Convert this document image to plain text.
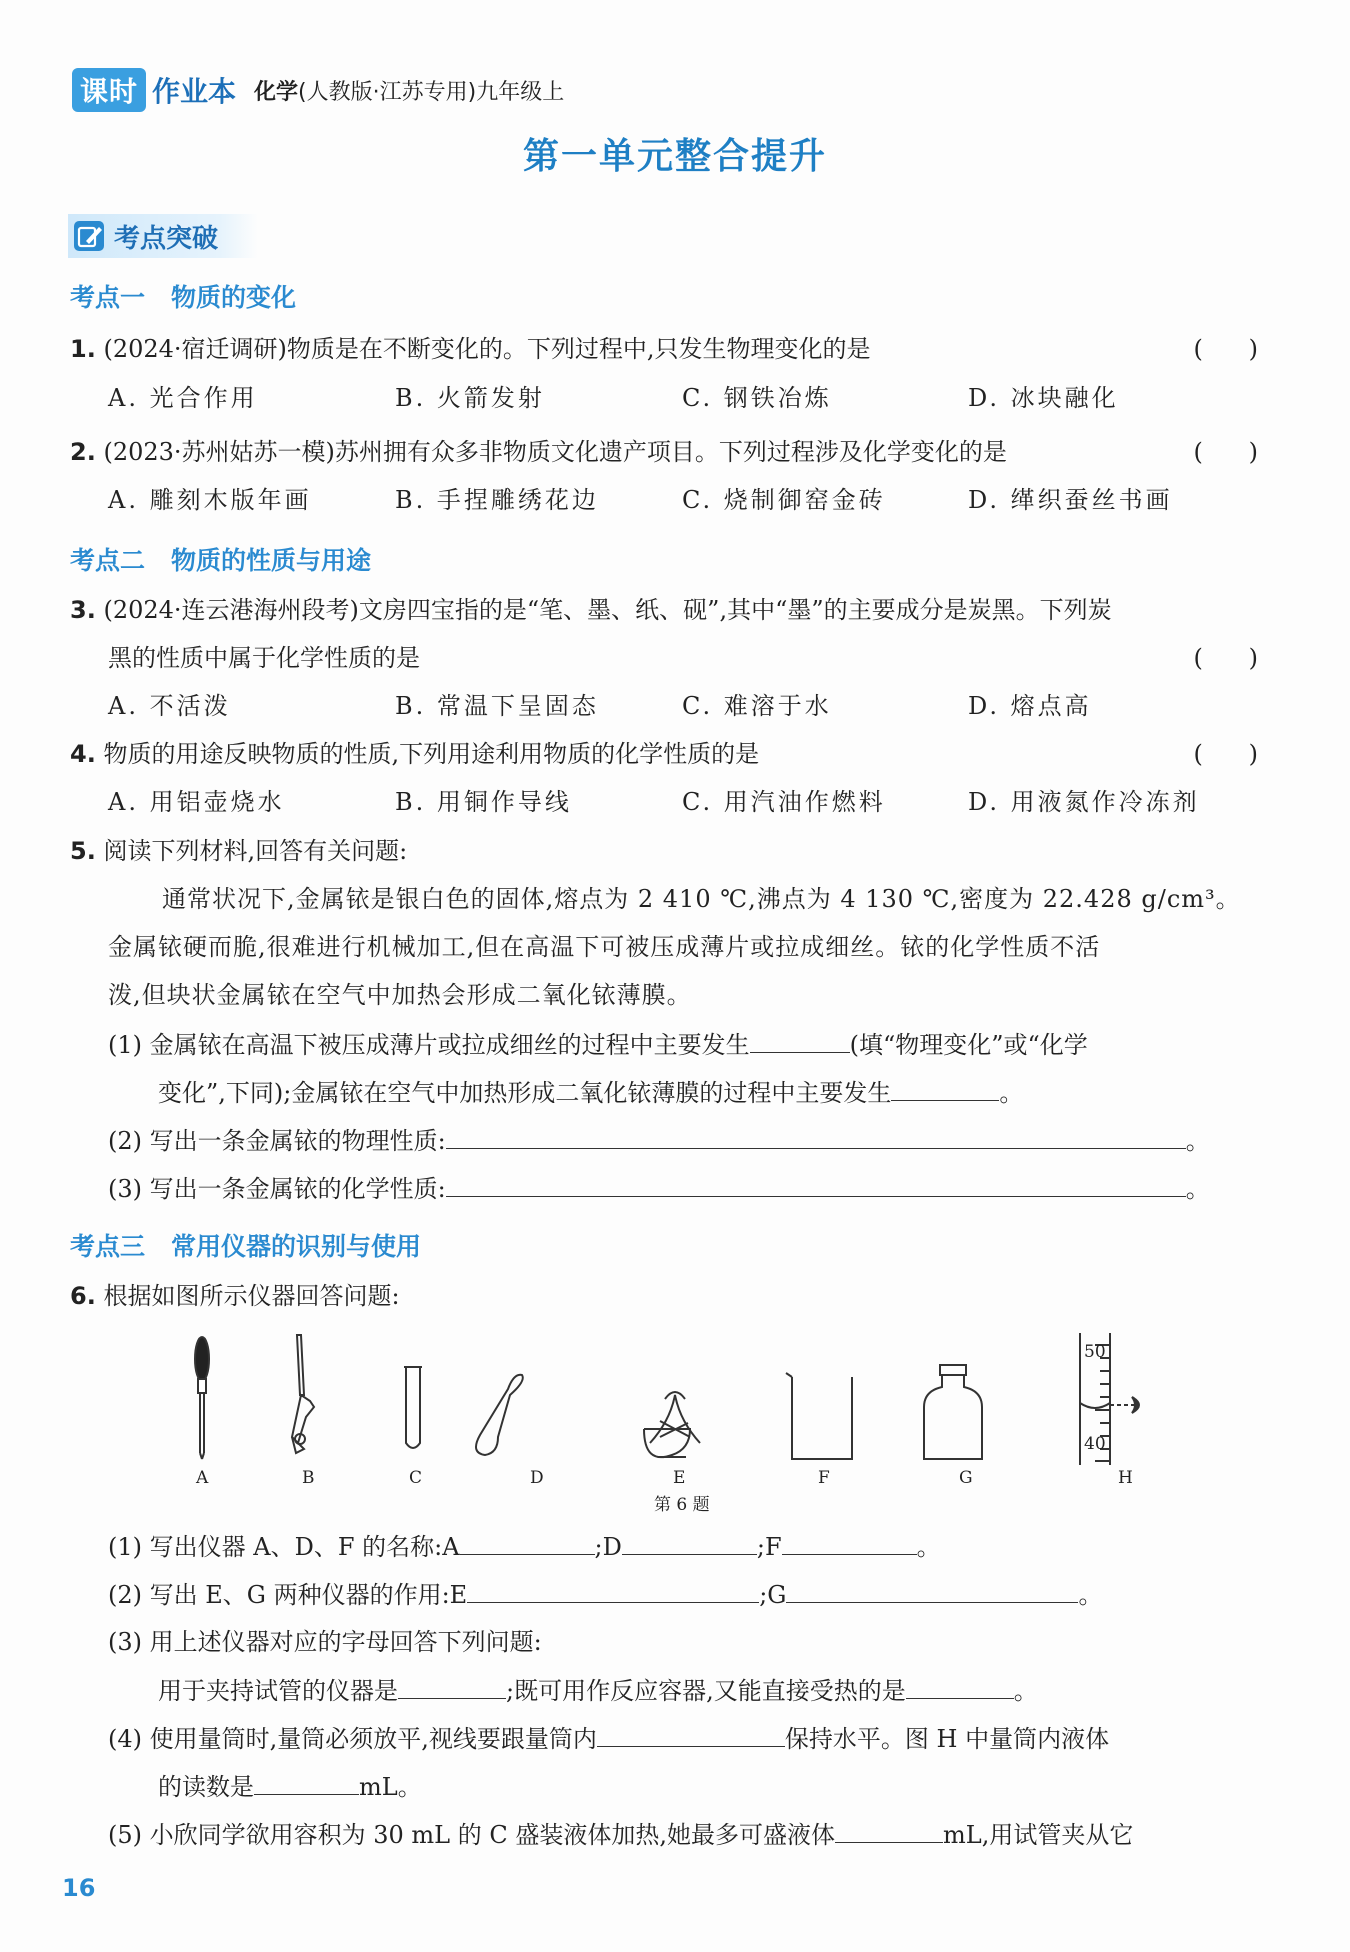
课时 作业本 化学(人教版·江苏专用)九年级上
第一单元整合提升
考点突破
考点一 物质的变化
1. (2024·宿迁调研)物质是在不断变化的。下列过程中,只发生物理变化的是	(      )
A. 光合作用	B. 火箭发射	C. 钢铁冶炼	D. 冰块融化
2. (2023·苏州姑苏一模)苏州拥有众多非物质文化遗产项目。下列过程涉及化学变化的是	(      )
A. 雕刻木版年画	B. 手捏雕绣花边	C. 烧制御窑金砖	D. 缂织蚕丝书画
考点二 物质的性质与用途
3. (2024·连云港海州段考)文房四宝指的是“笔、墨、纸、砚”,其中“墨”的主要成分是炭黑。下列炭
黑的性质中属于化学性质的是	(      )
A. 不活泼	B. 常温下呈固态	C. 难溶于水	D. 熔点高
4. 物质的用途反映物质的性质,下列用途利用物质的化学性质的是	(      )
A. 用铝壶烧水	B. 用铜作导线	C. 用汽油作燃料	D. 用液氮作冷冻剂
5. 阅读下列材料,回答有关问题:
通常状况下,金属铱是银白色的固体,熔点为 2 410 ℃,沸点为 4 130 ℃,密度为 22.428 g/cm³。
金属铱硬而脆,很难进行机械加工,但在高温下可被压成薄片或拉成细丝。铱的化学性质不活
泼,但块状金属铱在空气中加热会形成二氧化铱薄膜。
(1) 金属铱在高温下被压成薄片或拉成细丝的过程中主要发生	(填“物理变化”或“化学
变化”,下同);金属铱在空气中加热形成二氧化铱薄膜的过程中主要发生	。
(2) 写出一条金属铱的物理性质:	。
(3) 写出一条金属铱的化学性质:	。
考点三 常用仪器的识别与使用
6. 根据如图所示仪器回答问题:
50
40
A	B	C	D	E	F	G	H
第 6 题
(1) 写出仪器 A、D、F 的名称:A	;D	;F	。
(2) 写出 E、G 两种仪器的作用:E	;G	。
(3) 用上述仪器对应的字母回答下列问题:
用于夹持试管的仪器是	;既可用作反应容器,又能直接受热的是	。
(4) 使用量筒时,量筒必须放平,视线要跟量筒内	保持水平。图 H 中量筒内液体
的读数是	mL。
(5) 小欣同学欲用容积为 30 mL 的 C 盛装液体加热,她最多可盛液体	mL,用试管夹从它
16
